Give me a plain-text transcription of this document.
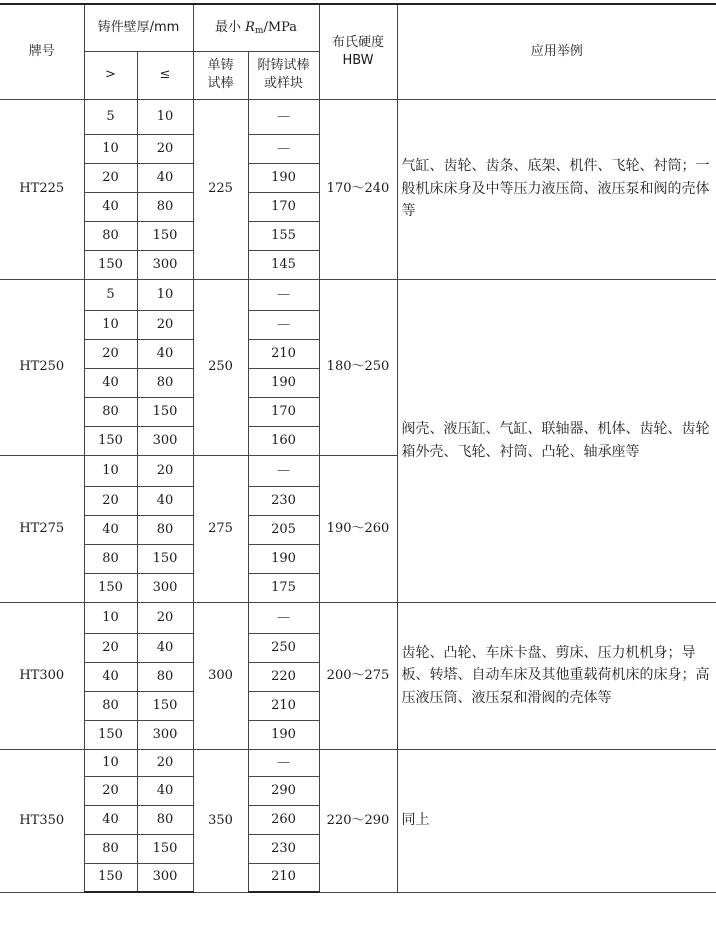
牌号	铸件壁厚/mm		最小 Rm/MPa		布氏硬度HBW	应用举例
	>	≤	单铸试棒	附铸试棒或样块		
HT225	5	10	225	—	170～240	气缸、齿轮、齿条、底架、机件、飞轮、衬筒；一般机床床身及中等压力液压筒、液压泵和阀的壳体等
	10	20		—		
	20	40		190		
	40	80		170		
	80	150		155		
	150	300		145		
HT250	5	10	250	—	180～250	阀壳、液压缸、气缸、联轴器、机体、齿轮、齿轮箱外壳、飞轮、衬筒、凸轮、轴承座等
	10	20		—		
	20	40		210		
	40	80		190		
	80	150		170		
	150	300		160		
HT275	10	20	275	—	190～260	
	20	40		230		
	40	80		205		
	80	150		190		
	150	300		175		
HT300	10	20	300	—	200～275	齿轮、凸轮、车床卡盘、剪床、压力机机身；导板、转塔、自动车床及其他重载荷机床的床身；高压液压筒、液压泵和滑阀的壳体等
	20	40		250		
	40	80		220		
	80	150		210		
	150	300		190		
HT350	10	20	350	—	220～290	同上
	20	40		290		
	40	80		260		
	80	150		230		
	150	300		210		
